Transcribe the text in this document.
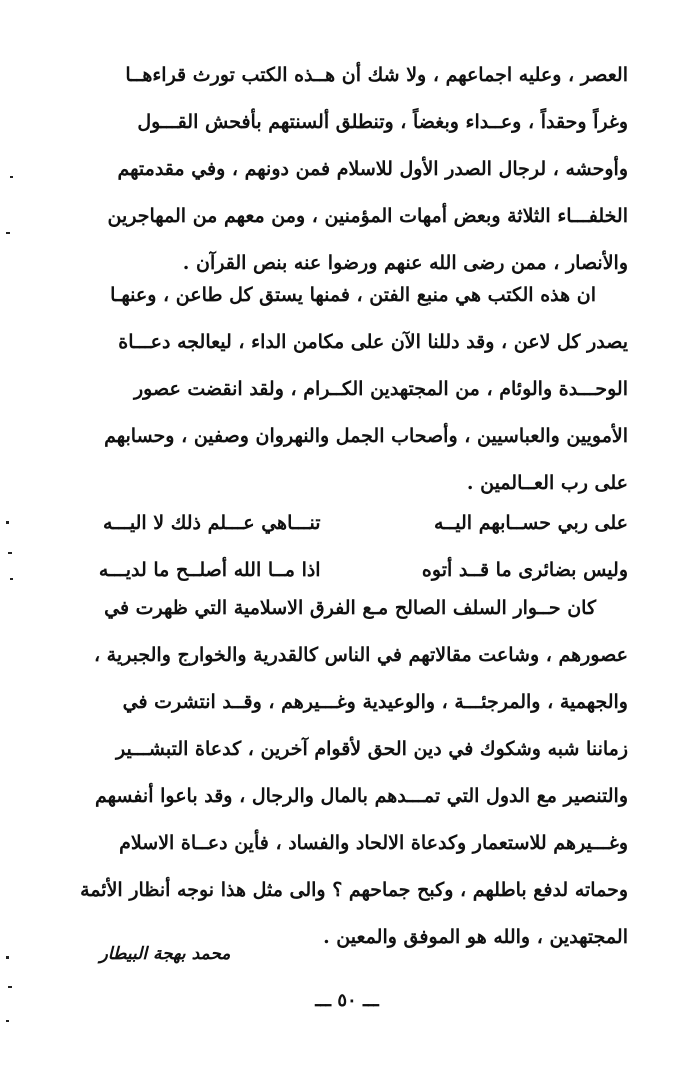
العصر ، وعليه اجماعهم ، ولا شك أن هــذه الكتب تورث قراءهــا
وغراً وحقداً ، وعــداء وبغضاً ، وتنطلق ألسنتهم بأفحش القـــول
وأوحشه ، لرجال الصدر الأول للاسلام فمن دونهم ، وفي مقدمتهم
الخلفـــاء الثلاثة وبعض أمهات المؤمنين ، ومن معهم من المهاجرين
والأنصار ، ممن رضى الله عنهم ورضوا عنه بنص القرآن .
ان هذه الكتب هي منبع الفتن ، فمنها يستق كل طاعن ، وعنهـا
يصدر كل لاعن ، وقد دللنا الآن على مكامن الداء ، ليعالجه دعـــاة
الوحـــدة والوئام ، من المجتهدين الكــرام ، ولقد انقضت عصور
الأمويين والعباسيين ، وأصحاب الجمل والنهروان وصفين ، وحسابهم
على رب العــالمين .
على ربي حســابهم اليــه
تنـــاهي عـــلم ذلك لا اليـــه
وليس بضائرى ما قــد أتوه
اذا مــا الله أصلــح ما لديـــه
كان حــوار السلف الصالح مـع الفرق الاسلامية التي ظهرت في
عصورهم ، وشاعت مقالاتهم في الناس كالقدرية والخوارج والجبرية ،
والجهمية ، والمرجئـــة ، والوعيدية وغـــيرهم ، وقــد انتشرت في
زماننا شبه وشكوك في دين الحق لأقوام آخرين ، كدعاة التبشـــير
والتنصير مع الدول التي تمـــدهم بالمال والرجال ، وقد باعوا أنفسهم
وغـــيرهم للاستعمار وكدعاة الالحاد والفساد ، فأين دعــاة الاسلام
وحماته لدفع باطلهم ، وكبح جماحهم ؟ والى مثل هذا نوجه أنظار الأئمة
المجتهدين ، والله هو الموفق والمعين .
محمد بهجة البيطار
ـــ ٥٠ ـــ
